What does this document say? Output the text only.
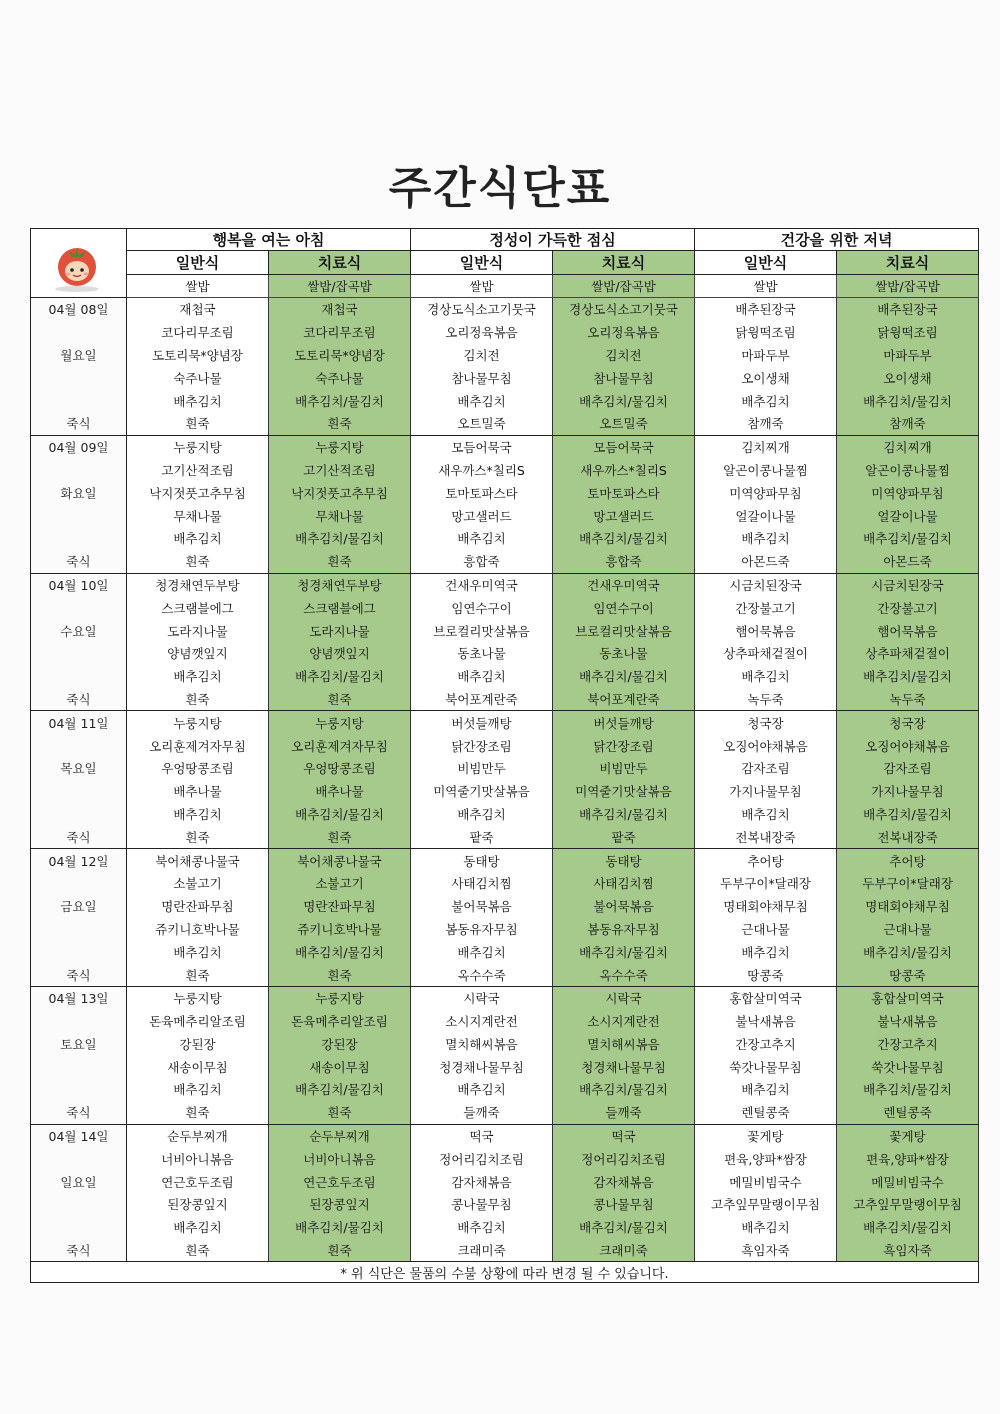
주간식단표
	행복을 여는 아침		정성이 가득한 점심		건강을 위한 저녁	
	일반식	치료식	일반식	치료식	일반식	치료식
	쌀밥	쌀밥/잡곡밥	쌀밥	쌀밥/잡곡밥	쌀밥	쌀밥/잡곡밥
04월 08일	재첩국	재첩국	경상도식소고기뭇국	경상도식소고기뭇국	배추된장국	배추된장국
	코다리무조림	코다리무조림	오리정육볶음	오리정육볶음	닭윙떡조림	닭윙떡조림
월요일	도토리묵*양념장	도토리묵*양념장	김치전	김치전	마파두부	마파두부
	숙주나물	숙주나물	참나물무침	참나물무침	오이생채	오이생채
	배추김치	배추김치/물김치	배추김치	배추김치/물김치	배추김치	배추김치/물김치
죽식	흰죽	흰죽	오트밀죽	오트밀죽	참깨죽	참깨죽
04월 09일	누룽지탕	누룽지탕	모듬어묵국	모듬어묵국	김치찌개	김치찌개
	고기산적조림	고기산적조림	새우까스*칠리S	새우까스*칠리S	알곤이콩나물찜	알곤이콩나물찜
화요일	낙지젓풋고추무침	낙지젓풋고추무침	토마토파스타	토마토파스타	미역양파무침	미역양파무침
	무채나물	무채나물	망고샐러드	망고샐러드	얼갈이나물	얼갈이나물
	배추김치	배추김치/물김치	배추김치	배추김치/물김치	배추김치	배추김치/물김치
죽식	흰죽	흰죽	흥합죽	흥합죽	아몬드죽	아몬드죽
04월 10일	청경채연두부탕	청경채연두부탕	건새우미역국	건새우미역국	시금치된장국	시금치된장국
	스크램블에그	스크램블에그	임연수구이	임연수구이	간장불고기	간장불고기
수요일	도라지나물	도라지나물	브로컬리맛살볶음	브로컬리맛살볶음	햄어묵볶음	햄어묵볶음
	양념깻잎지	양념깻잎지	동초나물	동초나물	상추파채겉절이	상추파채겉절이
	배추김치	배추김치/물김치	배추김치	배추김치/물김치	배추김치	배추김치/물김치
죽식	흰죽	흰죽	북어포계란죽	북어포계란죽	녹두죽	녹두죽
04월 11일	누룽지탕	누룽지탕	버섯들깨탕	버섯들깨탕	청국장	청국장
	오리훈제겨자무침	오리훈제겨자무침	닭간장조림	닭간장조림	오징어야채볶음	오징어야채볶음
목요일	우엉땅콩조림	우엉땅콩조림	비빔만두	비빔만두	감자조림	감자조림
	배추나물	배추나물	미역줄기맛살볶음	미역줄기맛살볶음	가지나물무침	가지나물무침
	배추김치	배추김치/물김치	배추김치	배추김치/물김치	배추김치	배추김치/물김치
죽식	흰죽	흰죽	팥죽	팥죽	전복내장죽	전복내장죽
04월 12일	북어채콩나물국	북어채콩나물국	동태탕	동태탕	추어탕	추어탕
	소불고기	소불고기	사태김치찜	사태김치찜	두부구이*달래장	두부구이*달래장
금요일	명란잔파무침	명란잔파무침	불어묵볶음	불어묵볶음	명태회야채무침	명태회야채무침
	쥬키니호박나물	쥬키니호박나물	봄동유자무침	봄동유자무침	근대나물	근대나물
	배추김치	배추김치/물김치	배추김치	배추김치/물김치	배추김치	배추김치/물김치
죽식	흰죽	흰죽	옥수수죽	옥수수죽	땅콩죽	땅콩죽
04월 13일	누룽지탕	누룽지탕	시락국	시락국	홍합살미역국	홍합살미역국
	돈육메추리알조림	돈육메추리알조림	소시지계란전	소시지계란전	불낙새볶음	불낙새볶음
토요일	강된장	강된장	멸치해씨볶음	멸치해씨볶음	간장고추지	간장고추지
	새송이무침	새송이무침	청경채나물무침	청경채나물무침	쑥갓나물무침	쑥갓나물무침
	배추김치	배추김치/물김치	배추김치	배추김치/물김치	배추김치	배추김치/물김치
죽식	흰죽	흰죽	들깨죽	들깨죽	렌틸콩죽	렌틸콩죽
04월 14일	순두부찌개	순두부찌개	떡국	떡국	꽃게탕	꽃게탕
	너비아니볶음	너비아니볶음	정어리김치조림	정어리김치조림	편육,양파*쌈장	편육,양파*쌈장
일요일	연근호두조림	연근호두조림	감자채볶음	감자채볶음	메밀비빔국수	메밀비빔국수
	된장콩잎지	된장콩잎지	콩나물무침	콩나물무침	고추잎무말랭이무침	고추잎무말랭이무침
	배추김치	배추김치/물김치	배추김치	배추김치/물김치	배추김치	배추김치/물김치
죽식	흰죽	흰죽	크래미죽	크래미죽	흑임자죽	흑임자죽
* 위 식단은 물품의 수불 상황에 따라 변경 될 수 있습니다.						
